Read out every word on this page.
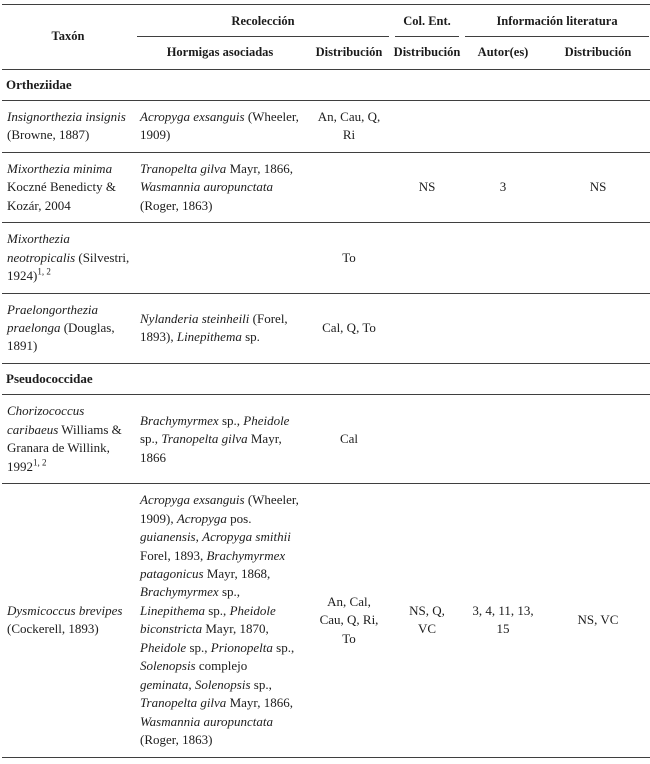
Taxón	Recolección		Col. Ent.	Información literatura	

	Hormigas asociadas	Distribución	Distribución	Autor(es)	Distribución
Ortheziidae					
Insignorthezia insignis (Browne, 1887)	Acropyga exsanguis (Wheeler, 1909)	An, Cau, Q, Ri			
Mixorthezia minima Koczné Benedicty & Kozár, 2004	Tranopelta gilva Mayr, 1866, Wasmannia auropunctata (Roger, 1863)		NS	3	NS
Mixorthezia neotropicalis (Silvestri, 1924)$^{1, 2}$		To			
Praelongorthezia praelonga (Douglas, 1891)	Nylanderia steinheili (Forel, 1893), Linepithema sp.	Cal, Q, To			
Pseudococcidae					
Chorizococcus caribaeus Williams & Granara de Willink, 1992$^{1, 2}$	Brachymyrmex sp., Pheidole sp., Tranopelta gilva Mayr, 1866	Cal			
Dysmicoccus brevipes (Cockerell, 1893)	Acropyga exsanguis (Wheeler, 1909), Acropyga pos. guianensis, Acropyga smithii Forel, 1893, Brachymyrmex patagonicus Mayr, 1868, Brachymyrmex sp., Linepithema sp., Pheidole biconstricta Mayr, 1870, Pheidole sp., Prionopelta sp., Solenopsis complejo geminata, Solenopsis sp., Tranopelta gilva Mayr, 1866, Wasmannia auropunctata (Roger, 1863)	An, Cal, Cau, Q, Ri, To	NS, Q, VC	3, 4, 11, 13, 15	NS, VC
